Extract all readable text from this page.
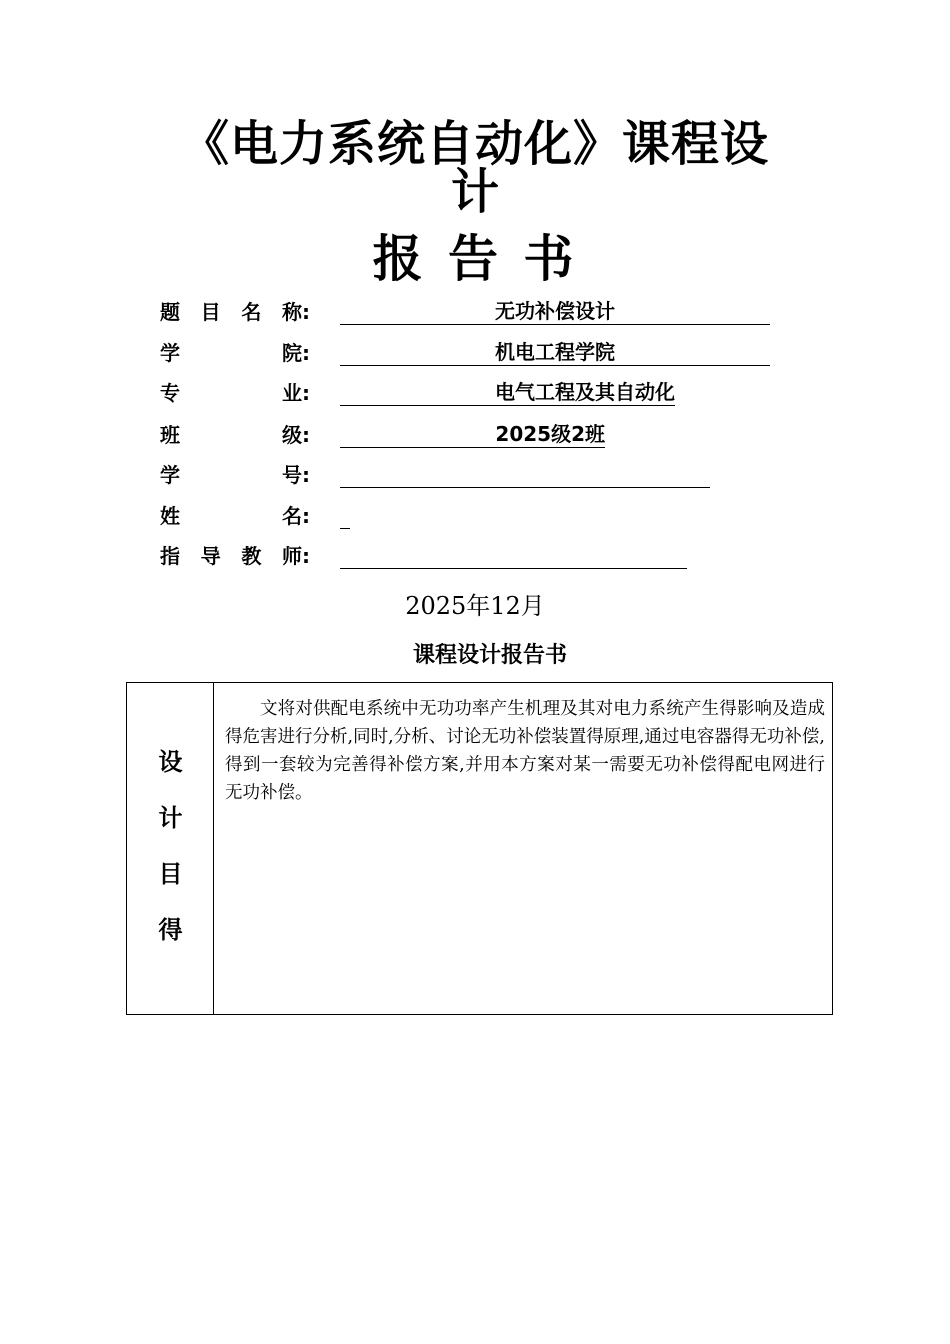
《电力系统自动化》课程设
计
报 告 书
题 目 名 称:	无功补偿设计
学	院:	机电工程学院
专	业:	电气工程及其自动化
班	级:	2025级2班
学	号:
姓	名:
指 导 教 师:
2025年12月
课程设计报告书
设
计
目
得
文将对供配电系统中无功功率产生机理及其对电力系统产生得影响及造成得危害进行分析,同时,分析、讨论无功补偿装置得原理,通过电容器得无功补偿,得到一套较为完善得补偿方案,并用本方案对某一需要无功补偿得配电网进行无功补偿。
